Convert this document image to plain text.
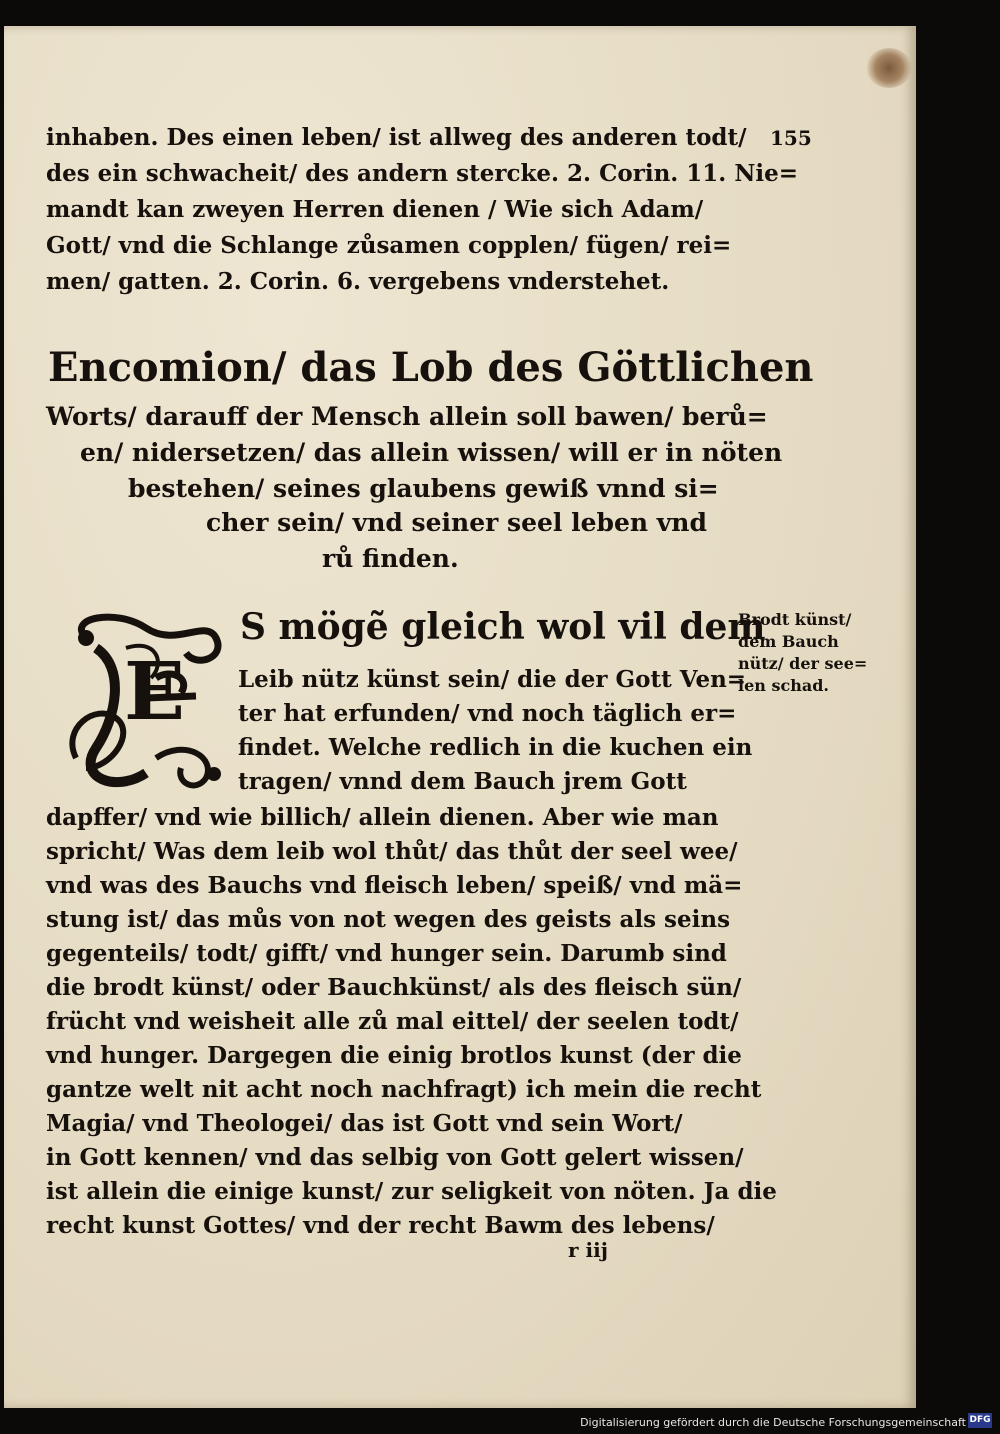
155
inhaben. Des einen leben/ ist allweg des anderen todt/
des ein schwacheit/ des andern stercke. 2. Corin. 11. Nie=
mandt kan zweyen Herren dienen / Wie sich Adam/
Gott/ vnd die Schlange zůsamen copplen/ fügen/ rei=
men/ gatten. 2. Corin. 6. vergebens vnderstehet.
Encomion/ das Lob des Göttlichen
Worts/ darauff der Mensch allein soll bawen/ berů=
en/ nidersetzen/ das allein wissen/ will er in nöten
bestehen/ seines glaubens gewiß vnnd si=
cher sein/ vnd seiner seel leben vnd
rů finden.
E
S mögẽ gleich wol vil dem
Leib nütz künst sein/ die der Gott Ven=
ter hat erfunden/ vnd noch täglich er=
findet. Welche redlich in die kuchen ein
tragen/ vnnd dem Bauch jrem Gott
dapffer/ vnd wie billich/ allein dienen. Aber wie man
spricht/ Was dem leib wol thůt/ das thůt der seel wee/
vnd was des Bauchs vnd fleisch leben/ speiß/ vnd mä=
stung ist/ das můs von not wegen des geists als seins
gegenteils/ todt/ gifft/ vnd hunger sein. Darumb sind
die brodt künst/ oder Bauchkünst/ als des fleisch sün/
frücht vnd weisheit alle zů mal eittel/ der seelen todt/
vnd hunger. Dargegen die einig brotlos kunst (der die
gantze welt nit acht noch nachfragt) ich mein die recht
Magia/ vnd Theologei/ das ist Gott vnd sein Wort/
in Gott kennen/ vnd das selbig von Gott gelert wissen/
ist allein die einige kunst/ zur seligkeit von nöten. Ja die
recht kunst Gottes/ vnd der recht Bawm des lebens/
r iij
Brodt künst/
dem Bauch
nütz/ der see=
len schad.
Digitalisierung gefördert durch die Deutsche Forschungsgemeinschaft DFG
